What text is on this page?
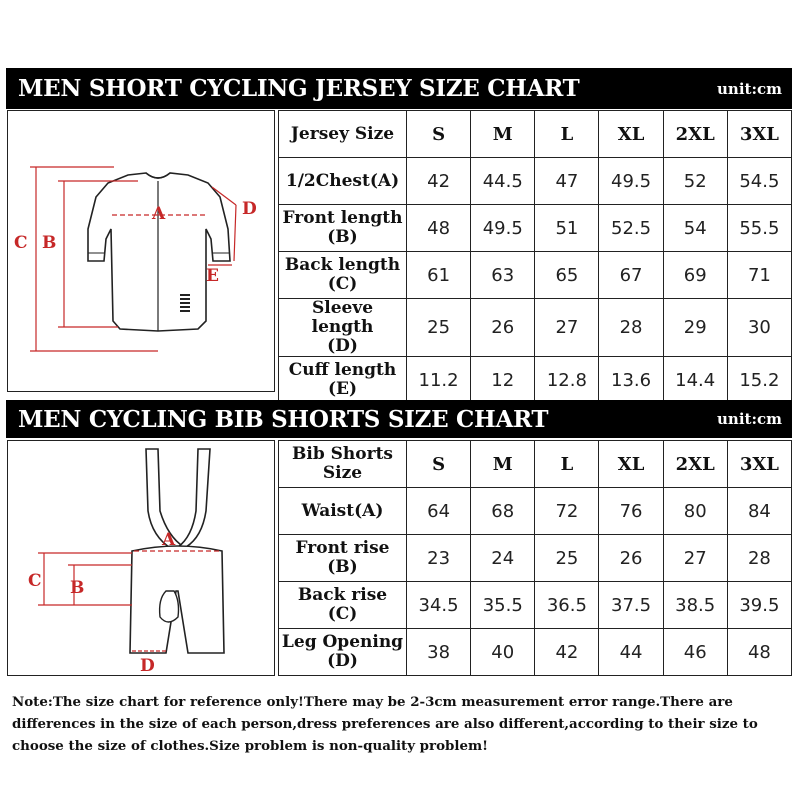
MEN SHORT CYCLING JERSEY SIZE CHART	unit:cm
C B
A	D
E
Jersey Size	S	M	L	XL	2XL	3XL

1/2Chest(A)	42	44.5	47	49.5	52	54.5

Front length
(B)	48	49.5	51	52.5	54	55.5

Back length
(C)	61	63	65	67	69	71

Sleeve length
(D)	25	26	27	28	29	30

Cuff length
(E)	11.2	12	12.8	13.6	14.4	15.2
MEN CYCLING BIB SHORTS SIZE CHART	unit:cm
A
C B
D
Bib Shorts
Size	S	M	L	XL	2XL	3XL

Waist(A)	64	68	72	76	80	84

Front rise
(B)	23	24	25	26	27	28

Back rise
(C)	34.5	35.5	36.5	37.5	38.5	39.5

Leg Opening
(D)	38	40	42	44	46	48
Note:The size chart for reference only!There may be 2-3cm measurement error range.There are
differences in the size of each person,dress preferences are also different,according to their size to
choose the size of clothes.Size problem is non-quality problem!
